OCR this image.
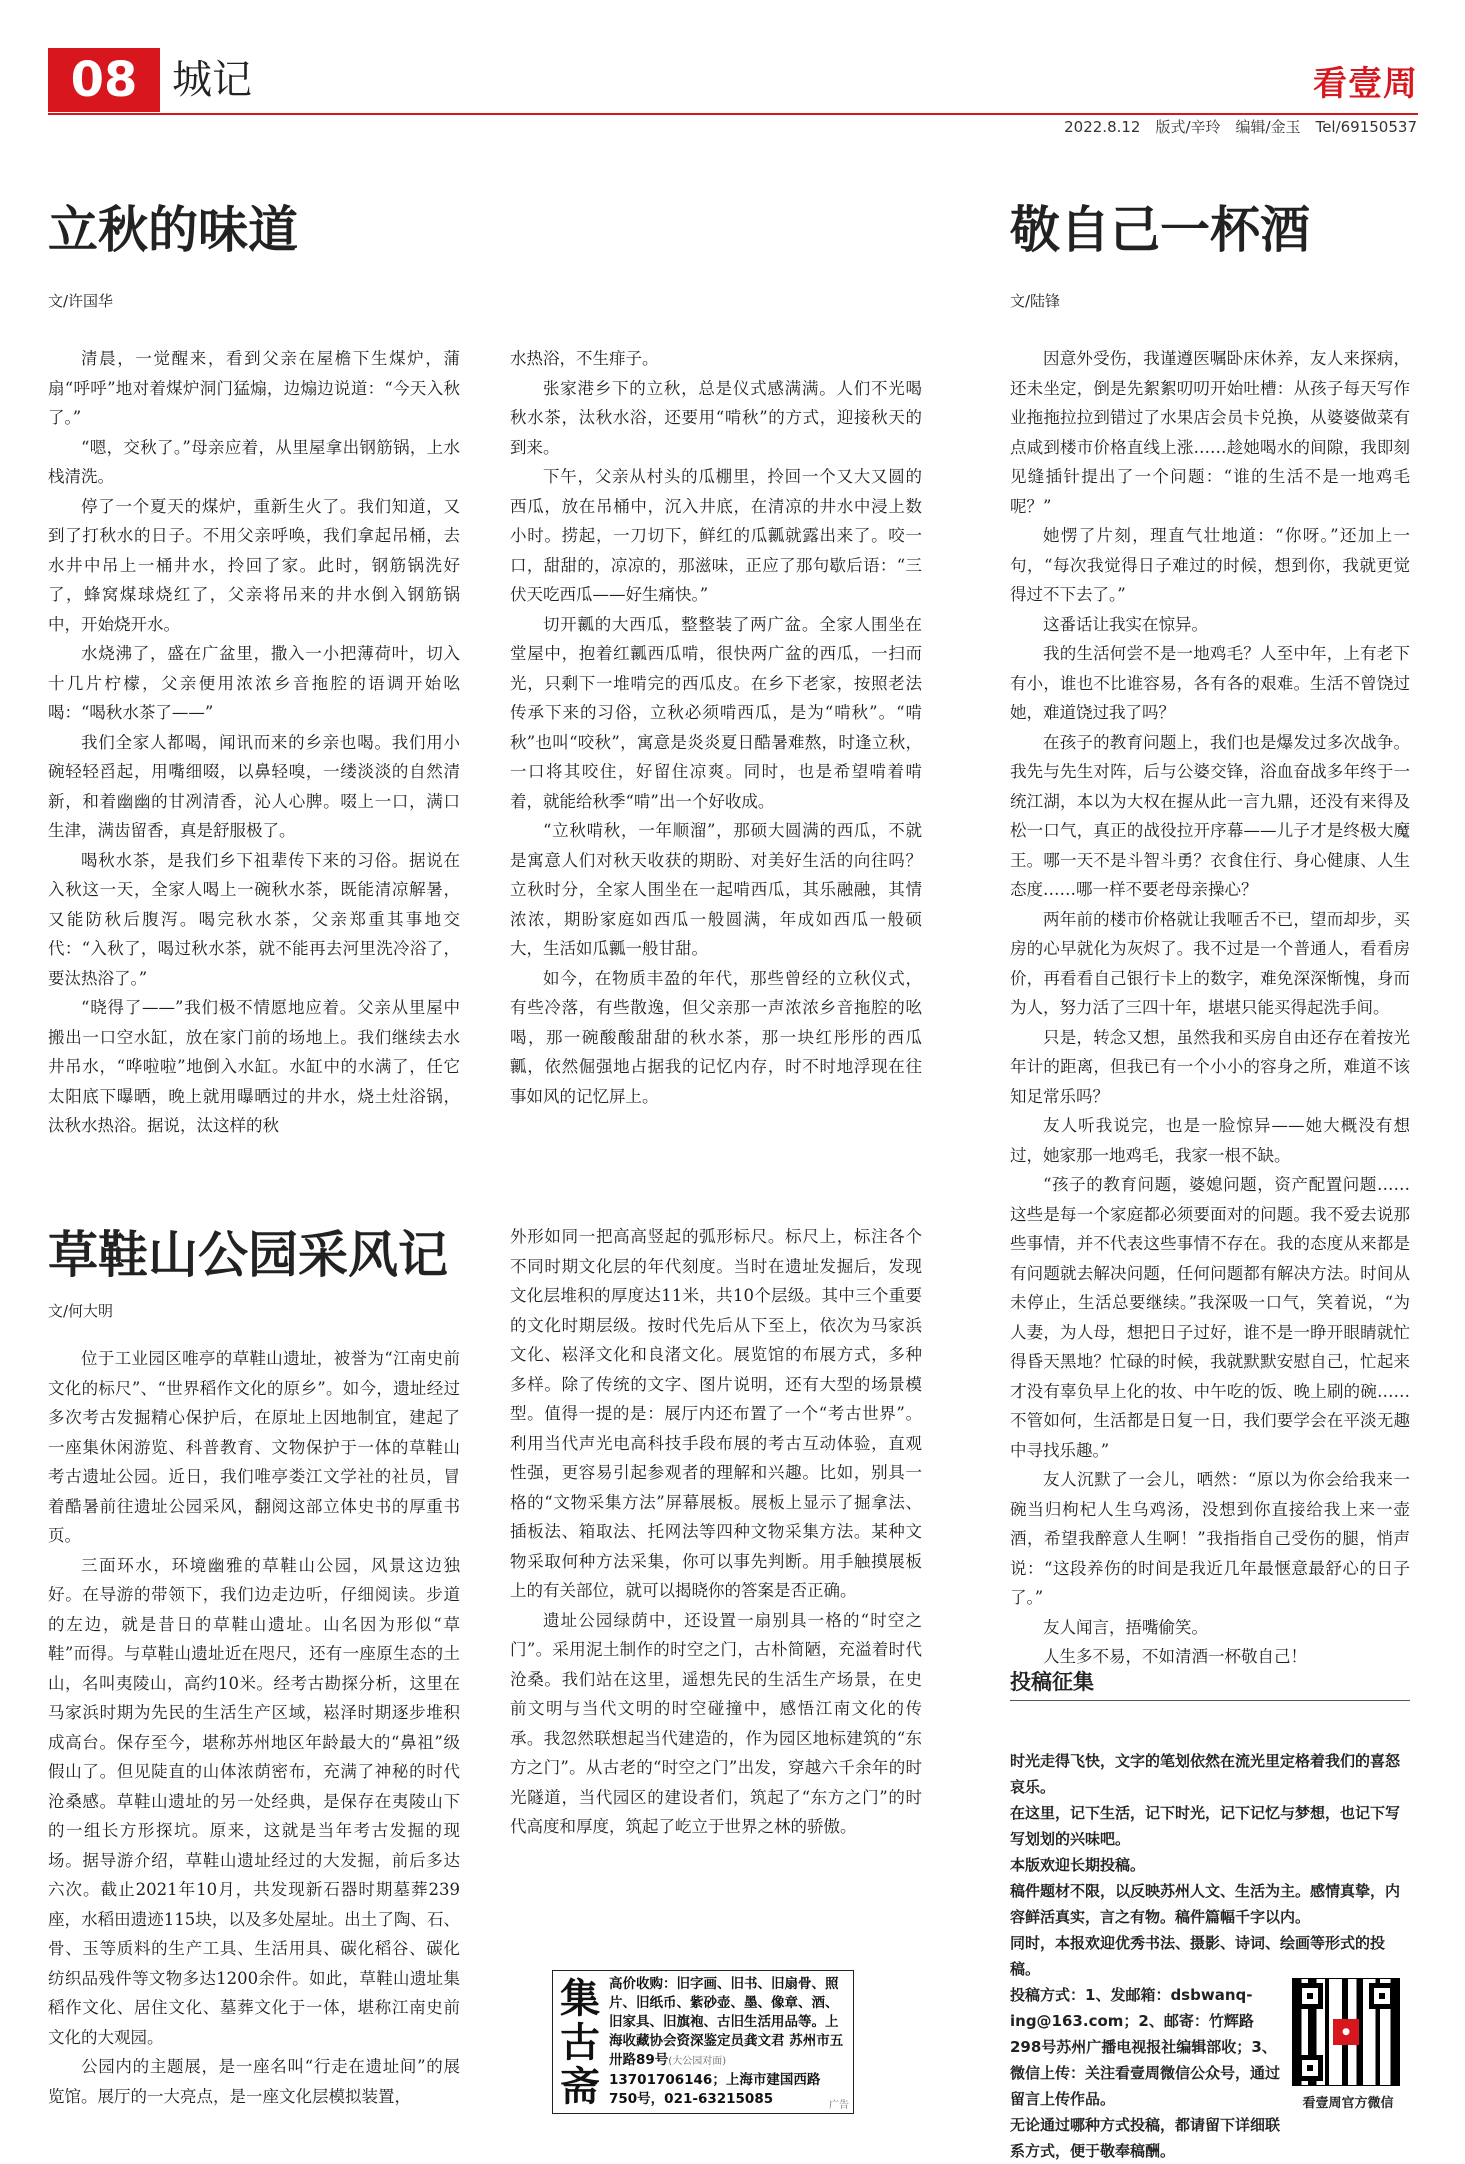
08 城记	看壹周
2022.8.12　版式/辛玲　编辑/金玉　Tel/69150537
立秋的味道
文/许国华

清晨，一觉醒来，看到父亲在屋檐下生煤炉，蒲扇“呼呼”地对着煤炉洞门猛煽，边煽边说道：“今天入秋了。”

“嗯，交秋了。”母亲应着，从里屋拿出钢筋锅，上水栈清洗。

停了一个夏天的煤炉，重新生火了。我们知道，又到了打秋水的日子。不用父亲呼唤，我们拿起吊桶，去水井中吊上一桶井水，拎回了家。此时，钢筋锅洗好了，蜂窝煤球烧红了，父亲将吊来的井水倒入钢筋锅中，开始烧开水。

水烧沸了，盛在广盆里，撒入一小把薄荷叶，切入十几片柠檬，父亲便用浓浓乡音拖腔的语调开始吆喝：“喝秋水茶了——”

我们全家人都喝，闻讯而来的乡亲也喝。我们用小碗轻轻舀起，用嘴细啜，以鼻轻嗅，一缕淡淡的自然清新，和着幽幽的甘冽清香，沁人心脾。啜上一口，满口生津，满齿留香，真是舒服极了。

喝秋水茶，是我们乡下祖辈传下来的习俗。据说在入秋这一天，全家人喝上一碗秋水茶，既能清凉解暑，又能防秋后腹泻。喝完秋水茶，父亲郑重其事地交代：“入秋了，喝过秋水茶，就不能再去河里洗冷浴了，要汰热浴了。”

“晓得了——”我们极不情愿地应着。父亲从里屋中搬出一口空水缸，放在家门前的场地上。我们继续去水井吊水，“哗啦啦”地倒入水缸。水缸中的水满了，任它太阳底下曝晒，晚上就用曝晒过的井水，烧土灶浴锅，汰秋水热浴。据说，汰这样的秋

水热浴，不生痱子。

张家港乡下的立秋，总是仪式感满满。人们不光喝秋水茶，汰秋水浴，还要用“啃秋”的方式，迎接秋天的到来。

下午，父亲从村头的瓜棚里，拎回一个又大又圆的西瓜，放在吊桶中，沉入井底，在清凉的井水中浸上数小时。捞起，一刀切下，鲜红的瓜瓤就露出来了。咬一口，甜甜的，凉凉的，那滋味，正应了那句歇后语：“三伏天吃西瓜——好生痛快。”

切开瓤的大西瓜，整整装了两广盆。全家人围坐在堂屋中，抱着红瓤西瓜啃，很快两广盆的西瓜，一扫而光，只剩下一堆啃完的西瓜皮。在乡下老家，按照老法传承下来的习俗，立秋必须啃西瓜，是为“啃秋”。“啃秋”也叫“咬秋”，寓意是炎炎夏日酷暑难熬，时逢立秋，一口将其咬住，好留住凉爽。同时，也是希望啃着啃着，就能给秋季“啃”出一个好收成。

“立秋啃秋，一年顺溜”，那硕大圆满的西瓜，不就是寓意人们对秋天收获的期盼、对美好生活的向往吗？立秋时分，全家人围坐在一起啃西瓜，其乐融融，其情浓浓，期盼家庭如西瓜一般圆满，年成如西瓜一般硕大，生活如瓜瓤一般甘甜。

如今，在物质丰盈的年代，那些曾经的立秋仪式，有些冷落，有些散逸，但父亲那一声浓浓乡音拖腔的吆喝，那一碗酸酸甜甜的秋水茶，那一块红彤彤的西瓜瓤，依然倔强地占据我的记忆内存，时不时地浮现在往事如风的记忆屏上。

草鞋山公园采风记
文/何大明

位于工业园区唯亭的草鞋山遗址，被誉为“江南史前文化的标尺”、“世界稻作文化的原乡”。如今，遗址经过多次考古发掘精心保护后，在原址上因地制宜，建起了一座集休闲游览、科普教育、文物保护于一体的草鞋山考古遗址公园。近日，我们唯亭娄江文学社的社员，冒着酷暑前往遗址公园采风，翻阅这部立体史书的厚重书页。

三面环水，环境幽雅的草鞋山公园，风景这边独好。在导游的带领下，我们边走边听，仔细阅读。步道的左边，就是昔日的草鞋山遗址。山名因为形似“草鞋”而得。与草鞋山遗址近在咫尺，还有一座原生态的土山，名叫夷陵山，高约10米。经考古勘探分析，这里在马家浜时期为先民的生活生产区域，崧泽时期逐步堆积成高台。保存至今，堪称苏州地区年龄最大的“鼻祖”级假山了。但见陡直的山体浓荫密布，充满了神秘的时代沧桑感。草鞋山遗址的另一处经典，是保存在夷陵山下的一组长方形探坑。原来，这就是当年考古发掘的现场。据导游介绍，草鞋山遗址经过的大发掘，前后多达六次。截止2021年10月，共发现新石器时期墓葬239座，水稻田遗迹115块，以及多处屋址。出土了陶、石、骨、玉等质料的生产工具、生活用具、碳化稻谷、碳化纺织品残件等文物多达1200余件。如此，草鞋山遗址集稻作文化、居住文化、墓葬文化于一体，堪称江南史前文化的大观园。

公园内的主题展，是一座名叫“行走在遗址间”的展览馆。展厅的一大亮点，是一座文化层模拟装置，

外形如同一把高高竖起的弧形标尺。标尺上，标注各个不同时期文化层的年代刻度。当时在遗址发掘后，发现文化层堆积的厚度达11米，共10个层级。其中三个重要的文化时期层级。按时代先后从下至上，依次为马家浜文化、崧泽文化和良渚文化。展览馆的布展方式，多种多样。除了传统的文字、图片说明，还有大型的场景模型。值得一提的是：展厅内还布置了一个“考古世界”。利用当代声光电高科技手段布展的考古互动体验，直观性强，更容易引起参观者的理解和兴趣。比如，别具一格的“文物采集方法”屏幕展板。展板上显示了掘拿法、插板法、箱取法、托网法等四种文物采集方法。某种文物采取何种方法采集，你可以事先判断。用手触摸展板上的有关部位，就可以揭晓你的答案是否正确。

遗址公园绿荫中，还设置一扇别具一格的“时空之门”。采用泥土制作的时空之门，古朴简陋，充溢着时代沧桑。我们站在这里，遥想先民的生活生产场景，在史前文明与当代文明的时空碰撞中，感悟江南文化的传承。我忽然联想起当代建造的，作为园区地标建筑的“东方之门”。从古老的“时空之门”出发，穿越六千余年的时光隧道，当代园区的建设者们，筑起了“东方之门”的时代高度和厚度，筑起了屹立于世界之林的骄傲。

敬自己一杯酒
文/陆锋

因意外受伤，我谨遵医嘱卧床休养，友人来探病，还未坐定，倒是先絮絮叨叨开始吐槽：从孩子每天写作业拖拖拉拉到错过了水果店会员卡兑换，从婆婆做菜有点咸到楼市价格直线上涨……趁她喝水的间隙，我即刻见缝插针提出了一个问题：“谁的生活不是一地鸡毛呢？”

她愣了片刻，理直气壮地道：“你呀。”还加上一句，“每次我觉得日子难过的时候，想到你，我就更觉得过不下去了。”

这番话让我实在惊异。

我的生活何尝不是一地鸡毛？人至中年，上有老下有小，谁也不比谁容易，各有各的艰难。生活不曾饶过她，难道饶过我了吗？

在孩子的教育问题上，我们也是爆发过多次战争。我先与先生对阵，后与公婆交锋，浴血奋战多年终于一统江湖，本以为大权在握从此一言九鼎，还没有来得及松一口气，真正的战役拉开序幕——儿子才是终极大魔王。哪一天不是斗智斗勇？衣食住行、身心健康、人生态度……哪一样不要老母亲操心？

两年前的楼市价格就让我咂舌不已，望而却步，买房的心早就化为灰烬了。我不过是一个普通人，看看房价，再看看自己银行卡上的数字，难免深深惭愧，身而为人，努力活了三四十年，堪堪只能买得起洗手间。

只是，转念又想，虽然我和买房自由还存在着按光年计的距离，但我已有一个小小的容身之所，难道不该知足常乐吗？

友人听我说完，也是一脸惊异——她大概没有想过，她家那一地鸡毛，我家一根不缺。

“孩子的教育问题，婆媳问题，资产配置问题……这些是每一个家庭都必须要面对的问题。我不爱去说那些事情，并不代表这些事情不存在。我的态度从来都是有问题就去解决问题，任何问题都有解决方法。时间从未停止，生活总要继续。”我深吸一口气，笑着说，“为人妻，为人母，想把日子过好，谁不是一睁开眼睛就忙得昏天黑地？忙碌的时候，我就默默安慰自己，忙起来才没有辜负早上化的妆、中午吃的饭、晚上刷的碗……不管如何，生活都是日复一日，我们要学会在平淡无趣中寻找乐趣。”

友人沉默了一会儿，哂然：“原以为你会给我来一碗当归枸杞人生乌鸡汤，没想到你直接给我上来一壶酒，希望我醉意人生啊！”我指指自己受伤的腿，悄声说：“这段养伤的时间是我近几年最惬意最舒心的日子了。”

友人闻言，捂嘴偷笑。

人生多不易，不如清酒一杯敬自己！

投稿征集

时光走得飞快，文字的笔划依然在流光里定格着我们的喜怒哀乐。

在这里，记下生活，记下时光，记下记忆与梦想，也记下写写划划的兴味吧。

本版欢迎长期投稿。

稿件题材不限，以反映苏州人文、生活为主。感情真挚，内容鲜活真实，言之有物。稿件篇幅千字以内。

同时，本报欢迎优秀书法、摄影、诗词、绘画等形式的投稿。

投稿方式：1、发邮箱：dsbwanq-ing@163.com；2、邮寄：竹辉路298号苏州广播电视报社编辑部收；3、微信上传：关注看壹周微信公众号，通过留言上传作品。

无论通过哪种方式投稿，都请留下详细联系方式，便于敬奉稿酬。

●
看壹周官方微信
集
古
斋
高价收购：旧字画、旧书、旧扇骨、照片、旧纸币、紫砂壶、墨、像章、酒、旧家具、旧旗袍、古旧生活用品等。上海收藏协会资深鉴定员龚文君 苏州市五卅路89号(大公园对面) 13701706146；上海市建国西路750号，021-63215085	广告
